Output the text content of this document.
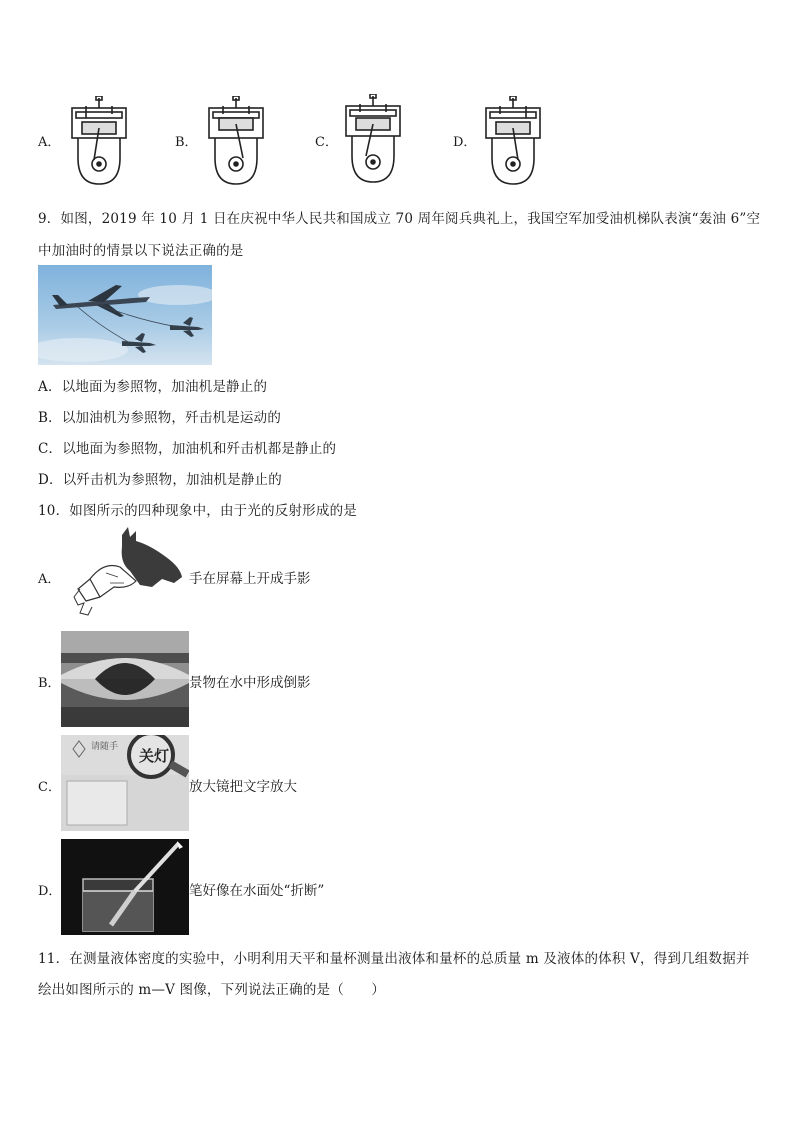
A．	B．	C．	D．
9．如图，2019 年 10 月 1 日在庆祝中华人民共和国成立 70 周年阅兵典礼上，我国空军加受油机梯队表演“轰油 6”空
中加油时的情景以下说法正确的是
A．以地面为参照物，加油机是静止的
B．以加油机为参照物，歼击机是运动的
C．以地面为参照物，加油机和歼击机都是静止的
D．以歼击机为参照物，加油机是静止的
10．如图所示的四种现象中，由于光的反射形成的是
A．	手在屏幕上开成手影
B．	景物在水中形成倒影
C．
请随手 关灯
放大镜把文字放大
D．	笔好像在水面处“折断”
11．在测量液体密度的实验中，小明利用天平和量杯测量出液体和量杯的总质量 m 及液体的体积 V，得到几组数据并
绘出如图所示的 m—V 图像，下列说法正确的是（　　）
